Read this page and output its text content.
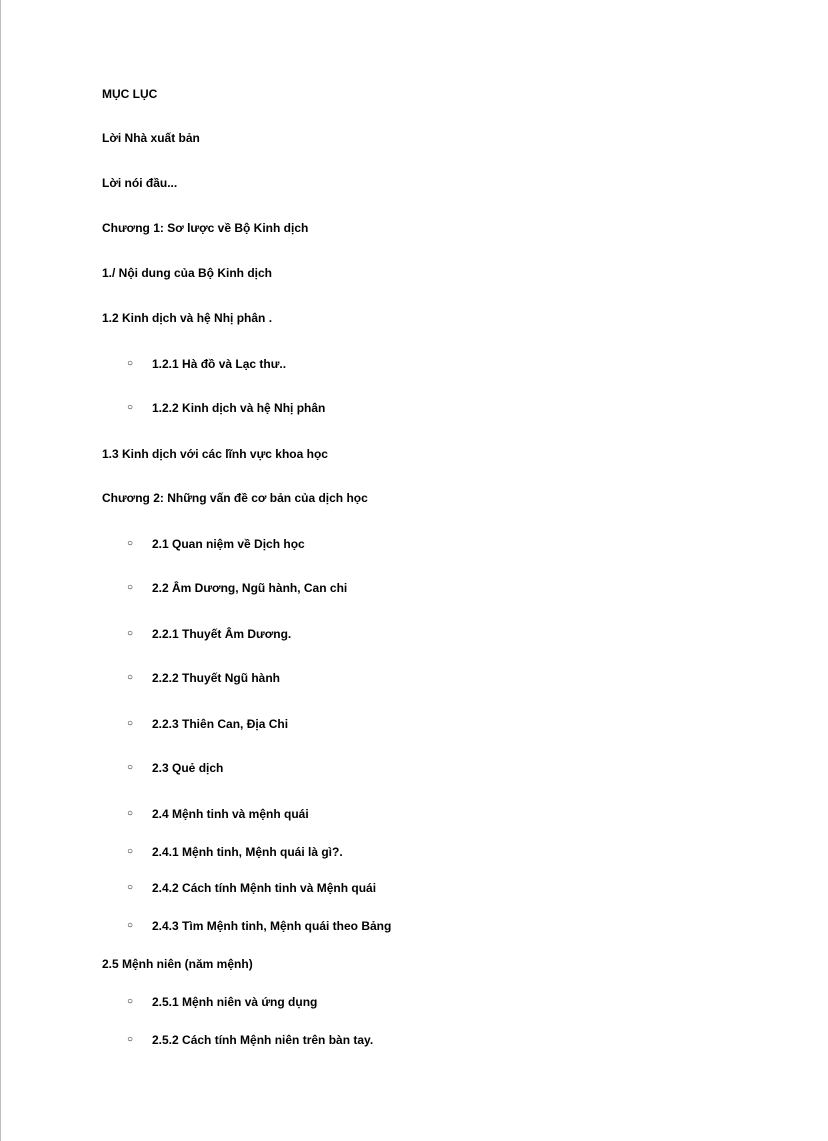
MỤC LỤC
Lời Nhà xuất bản
Lời nói đầu...
Chương 1: Sơ lược về Bộ Kinh dịch
1./ Nội dung của Bộ Kinh dịch
1.2 Kinh dịch và hệ Nhị phân .
○ 1.2.1 Hà đồ và Lạc thư..
○ 1.2.2 Kinh dịch và hệ Nhị phân
1.3 Kinh dịch với các lĩnh vực khoa học
Chương 2: Những vấn đề cơ bản của dịch học
○ 2.1 Quan niệm về Dịch học
○ 2.2 Âm Dương, Ngũ hành, Can chi
○ 2.2.1 Thuyết Âm Dương.
○ 2.2.2 Thuyết Ngũ hành
○ 2.2.3 Thiên Can, Địa Chi
○ 2.3 Quẻ dịch
○ 2.4 Mệnh tinh và mệnh quái
○ 2.4.1 Mệnh tinh, Mệnh quái là gì?.
○ 2.4.2 Cách tính Mệnh tinh và Mệnh quái
○ 2.4.3 Tìm Mệnh tinh, Mệnh quái theo Bảng
2.5 Mệnh niên (năm mệnh)
○ 2.5.1 Mệnh niên và ứng dụng
○ 2.5.2 Cách tính Mệnh niên trên bàn tay.
